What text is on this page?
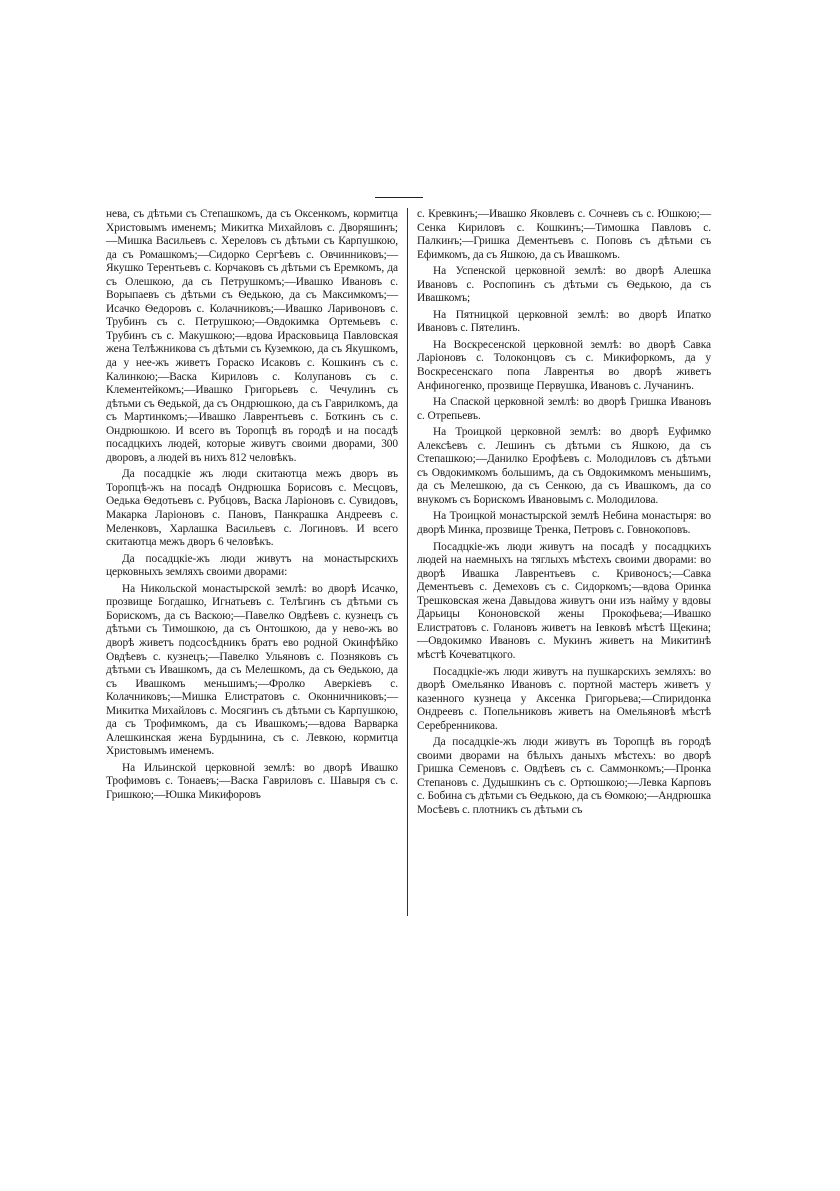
нева, съ дѣтьми съ Степашкомъ, да съ Оксенкомъ, кормитца Христовымъ именемъ; Микитка Михайловъ с. Двоpяшинъ;—Мишка Васильевъ с. Хереловъ съ дѣтьми съ Карпушкою, да съ Ромашкомъ;—Сидорко Сергѣевъ с. Овчинниковъ;—Якушко Терентьевъ с. Корчаковъ съ дѣтьми съ Еремкомъ, да съ Олешкою, да съ Петрушкомъ;—Ивашко Ивановъ с. Ворыпаевъ съ дѣтьми съ Ѳедькою, да съ Максимкомъ;—Исачко Ѳедоровъ с. Колачниковъ;—Ивашко Ларивоновъ с. Трубинъ съ с. Петрушкою;—Овдокимка Ортемьевъ с. Трубинъ съ с. Макушкою;—вдова Ирасковьица Павловская жена Телѣжникова съ дѣтьми съ Куземкою, да съ Якушкомъ, да у нее-жъ живетъ Гораско Исаковъ с. Кошкинъ съ с. Калинкою;—Васка Кириловъ с. Колупановъ съ с. Клементейкомъ;—Ивашко Григорьевъ с. Чечулинъ съ дѣтьми съ Ѳедькой, да съ Ондрюшкою, да съ Гаврилкомъ, да съ Мартинкомъ;—Ивашко Лаврентьевъ с. Боткинъ съ с. Ондрюшкою. И всего въ Торопцѣ въ городѣ и на посадѣ посадцкихъ людей, которые живутъ своими дворами, 300 дворовъ, а людей въ нихъ 812 человѣкъ.

Да посадцкіе жъ люди скитаютца межъ дворъ въ Торопцѣ-жъ на посадѣ Ондрюшка Борисовъ с. Месцовъ, Оедька Ѳедотьевъ с. Рубцовъ, Васка Ларіоновъ с. Сувидовъ, Макарка Ларіоновъ с. Пановъ, Панкрашка Андреевъ с. Меленковъ, Харлашка Васильевъ с. Логиновъ. И всего скитаютца межъ дворъ 6 человѣкъ.

Да посадцкіе-жъ люди живутъ на монастырскихъ церковныхъ земляхъ своими дворами:

На Никольской монастырской землѣ: во дворѣ Исачко, прозвище Богдашко, Игнатьевъ с. Телѣгинъ съ дѣтьми съ Борискомъ, да съ Васкою;—Павелко Овдѣевъ с. кузнецъ съ дѣтьми съ Тимошкою, да съ Онтошкою, да у нево-жъ во дворѣ живетъ подсосѣдникъ братъ ево родной Окинфѣйко Овдѣевъ с. кузнецъ;—Павелко Ульяновъ с. Позняковъ съ дѣтьми съ Ивашкомъ, да съ Мелешкомъ, да съ Ѳедькою, да съ Ивашкомъ меньшимъ;—Фролко Аверкіевъ с. Колачниковъ;—Мишка Елистратовъ с. Оконничниковъ;—Микитка Михайловъ с. Мосягинъ съ дѣтьми съ Карпушкою, да съ Трофимкомъ, да съ Ивашкомъ;—вдова Варварка Алешкинская жена Бурдынина, съ с. Левкою, кормитца Христовымъ именемъ.

На Ильинской церковной землѣ: во дворѣ Ивашко Трофимовъ с. Тонаевъ;—Васка Гавриловъ с. Шавыря съ с. Гришкою;—Юшка Микифоровъ

с. Кревкинъ;—Ивашко Яковлевъ с. Сочневъ съ с. Юшкою;—Сенка Кириловъ с. Кошкинъ;—Тимошка Павловъ с. Палкинъ;—Гришка Дементьевъ с. Поповъ съ дѣтьми съ Ефимкомъ, да съ Яшкою, да съ Ивашкомъ.

На Успенской церковной землѣ: во дворѣ Алешка Ивановъ с. Роспопинъ съ дѣтьми съ Ѳедькою, да съ Ивашкомъ;

На Пятницкой церковной землѣ: во дворѣ Ипатко Ивановъ с. Пятелинъ.

На Воскресенской церковной землѣ: во дворѣ Савка Ларіоновъ с. Толоконцовъ съ с. Микифоркомъ, да у Воскресенскаго попа Лаврентья во дворѣ живетъ Анфиногенко, прозвище Первушка, Ивановъ с. Лучанинъ.

На Спаской церковной землѣ: во дворѣ Гришка Ивановъ с. Отрепьевъ.

На Троицкой церковной землѣ: во дворѣ Еуфимко Алексѣевъ с. Лешинъ съ дѣтьми съ Яшкою, да съ Степашкою;—Данилко Ерофѣевъ с. Молодиловъ съ дѣтьми съ Овдокимкомъ большимъ, да съ Овдокимкомъ меньшимъ, да съ Мелешкою, да съ Сенкою, да съ Ивашкомъ, да со внукомъ съ Борискомъ Ивановымъ с. Молодилова.

На Троицкой монастырской землѣ Небина монастыря: во дворѣ Минка, прозвище Тренка, Петровъ с. Говнокоповъ.

Посадцкіе-жъ люди живутъ на посадѣ у посадцкихъ людей на наемныхъ на тяглыхъ мѣстехъ своими дворами: во дворѣ Ивашка Лаврентьевъ с. Кривоносъ;—Савка Дементьевъ с. Демеховъ съ с. Сидоркомъ;—вдова Оринка Трешковская жена Давыдова живутъ они изъ найму у вдовы Дарьицы Кононовской жены Прокофьева;—Ивашко Елистратовъ с. Голановъ живетъ на Іевковѣ мѣстѣ Щекина;—Овдокимко Ивановъ с. Мукинъ живетъ на Микитинѣ мѣстѣ Кочеватцкого.

Посадцкіе-жъ люди живутъ на пушкарскихъ земляхъ: во дворѣ Омельянко Ивановъ с. портной мастеръ живетъ у казенного кузнеца у Аксенка Григорьева;—Спиридонка Ондреевъ с. Попельниковъ живетъ на Омельяновѣ мѣстѣ Серебренникова.

Да посадцкіе-жъ люди живутъ въ Торопцѣ въ городѣ своими дворами на бѣлыхъ даныхъ мѣстехъ: во дворѣ Гришка Семеновъ с. Овдѣевъ съ с. Саммонкомъ;—Пронка Степановъ с. Дудышкинъ съ с. Ортюшкою;—Левка Карповъ с. Бобина съ дѣтьми съ Ѳедькою, да съ Ѳомкою;—Андрюшка Мосѣевъ с. плотникъ съ дѣтьми съ
